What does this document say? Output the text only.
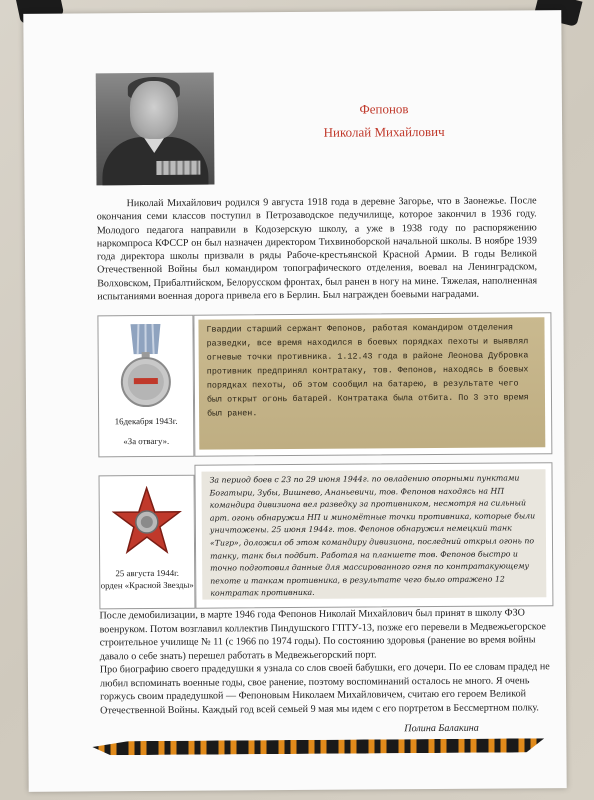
Фепонов
Николай Михайлович
Николай Михайлович родился 9 августа 1918 года в деревне Загорье, что в Заонежье. После окончания семи классов поступил в Петрозаводское педучилище, которое закончил в 1936 году. Молодого педагога направили в Кодозерскую школу, а уже в 1938 году по распоряжению наркомпроса КФССР он был назначен директором Тихвиноборской начальной школы. В ноябре 1939 года директора школы призвали в ряды Рабоче-крестьянской Красной Армии. В годы Великой Отечественной Войны был командиром топографического отделения, воевал на Ленинградском, Волховском, Прибалтийском, Белорусском фронтах, был ранен в ногу на мине. Тяжелая, наполненная испытаниями военная дорога привела его в Берлин. Был награжден боевыми наградами.
16декабря 1943г.
«За отвагу».
Гвардии старший сержант Фепонов, работая командиром отделения разведки, все время находился в боевых порядках пехоты и выявлял огневые точки противника. 1.12.43 года в районе Леонова Дубровка противник предпринял контратаку, тов. Фепонов, находясь в боевых порядках пехоты, об этом сообщил на батарею, в результате чего был открыт огонь батарей. Контратака была отбита. По 3 это время был ранен.
25 августа 1944г.
орден «Красной Звезды»
За период боев с 23 по 29 июня 1944г. по овладению опорными пунктами Богатыри, Зубы, Вишнево, Ананьевичи, тов. Фепонов находясь на НП командира дивизиона вел разведку за противником, несмотря на сильный арт. огонь обнаружил НП и миномётные точки противника, которые были уничтожены. 25 июня 1944г. тов. Фепонов обнаружил немецкий танк «Тигр», доложил об этом командиру дивизиона, последний открыл огонь по танку, танк был подбит. Работая на планшете тов. Фепонов быстро и точно подготовил данные для массированного огня по контратакующему пехоте и танкам противника, в результате чего было отражено 12 контратак противника.
После демобилизации, в марте 1946 года Фепонов Николай Михайлович был принят в школу ФЗО военруком. Потом возглавил коллектив Пиндушского ГПТУ-13, позже его перевели в Медвежьегорское строительное училище № 11 (с 1966 по 1974 годы). По состоянию здоровья (ранение во время войны давало о себе знать) перешел работать в Медвежьегорский порт.
Про биографию своего прадедушки я узнала со слов своей бабушки, его дочери. По ее словам прадед не любил вспоминать военные годы, свое ранение, поэтому воспоминаний осталось не много. Я очень горжусь своим прадедушкой — Фепоновым Николаем Михайловичем, считаю его героем Великой Отечественной Войны. Каждый год всей семьей 9 мая мы идем с его портретом в Бессмертном полку.
Полина Балакина
